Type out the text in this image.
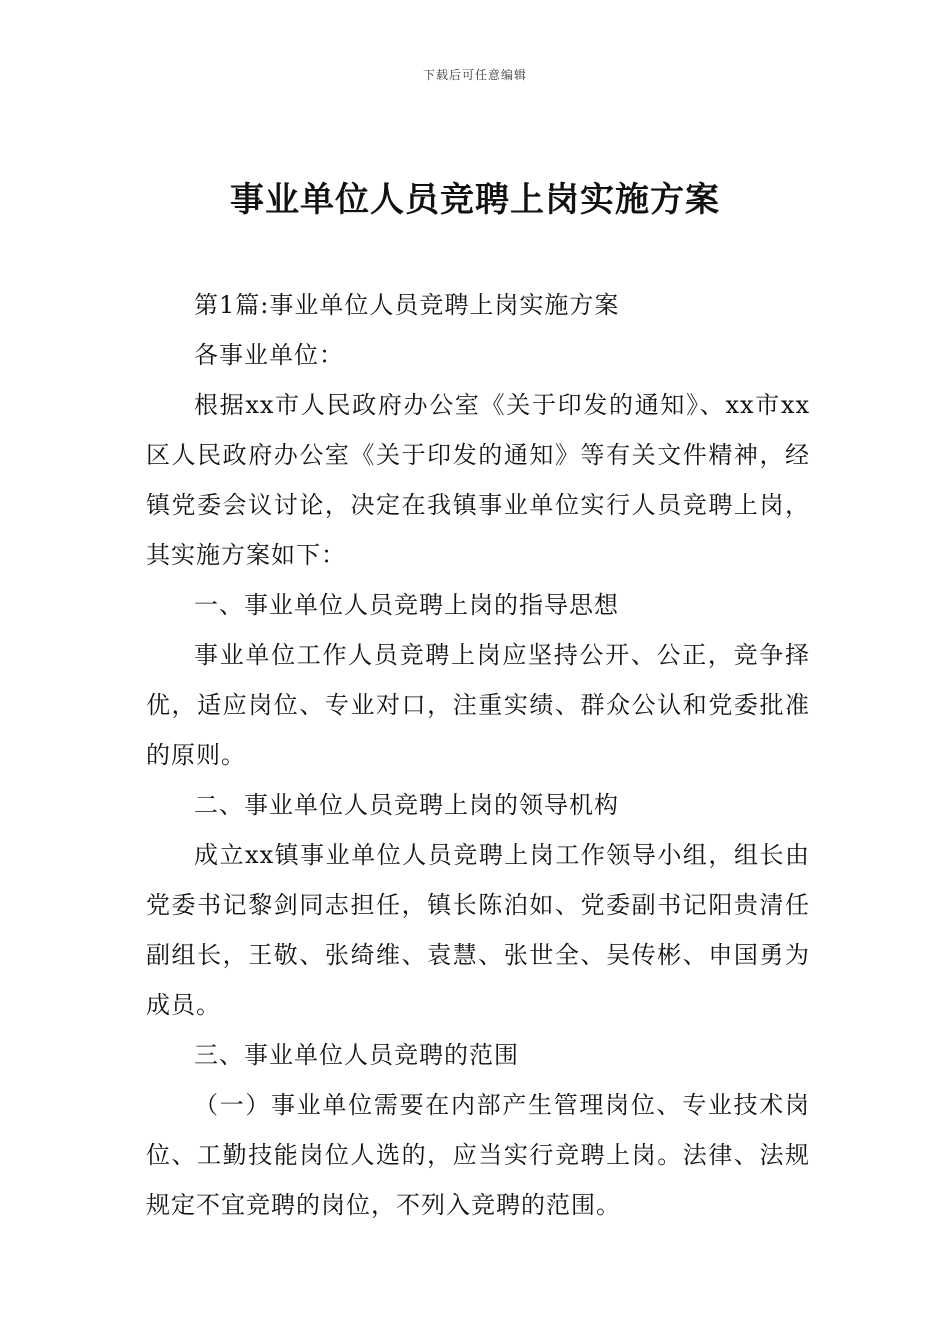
下载后可任意编辑
事业单位人员竞聘上岗实施方案

第1篇:事业单位人员竞聘上岗实施方案

各事业单位：

根据xx市人民政府办公室《关于印发的通知》、xx市xx区人民政府办公室《关于印发的通知》等有关文件精神，经镇党委会议讨论，决定在我镇事业单位实行人员竞聘上岗，其实施方案如下：

一、事业单位人员竞聘上岗的指导思想

事业单位工作人员竞聘上岗应坚持公开、公正，竞争择优，适应岗位、专业对口，注重实绩、群众公认和党委批准的原则。

二、事业单位人员竞聘上岗的领导机构

成立xx镇事业单位人员竞聘上岗工作领导小组，组长由党委书记黎剑同志担任，镇长陈泊如、党委副书记阳贵清任副组长，王敬、张绮维、袁慧、张世全、吴传彬、申国勇为成员。

三、事业单位人员竞聘的范围

（一）事业单位需要在内部产生管理岗位、专业技术岗位、工勤技能岗位人选的，应当实行竞聘上岗。法律、法规规定不宜竞聘的岗位，不列入竞聘的范围。
